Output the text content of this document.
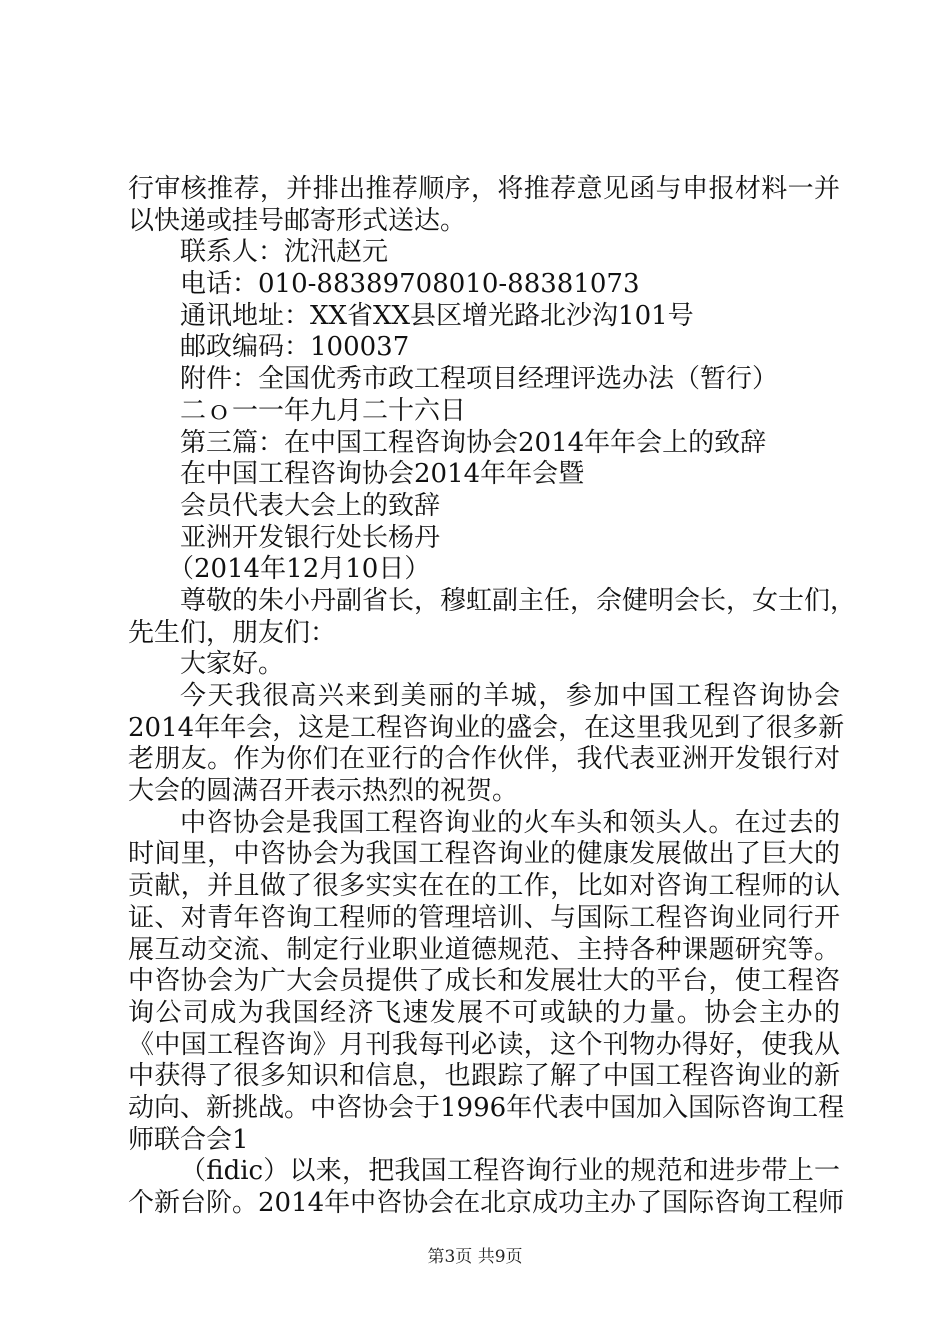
行审核推荐，并排出推荐顺序，将推荐意见函与申报材料一并
以快递或挂号邮寄形式送达。
联系人：沈汛赵元
电话：010-88389708010-88381073
通讯地址：XX省XX县区增光路北沙沟101号
邮政编码：100037
附件：全国优秀市政工程项目经理评选办法（暂行）
二ｏ一一年九月二十六日
第三篇：在中国工程咨询协会2014年年会上的致辞
在中国工程咨询协会2014年年会暨
会员代表大会上的致辞
亚洲开发银行处长杨丹
（2014年12月10日）
尊敬的朱小丹副省长，穆虹副主任，佘健明会长，女士们，
先生们，朋友们：
大家好。
今天我很高兴来到美丽的羊城，参加中国工程咨询协会
2014年年会，这是工程咨询业的盛会，在这里我见到了很多新
老朋友。作为你们在亚行的合作伙伴，我代表亚洲开发银行对
大会的圆满召开表示热烈的祝贺。
中咨协会是我国工程咨询业的火车头和领头人。在过去的
时间里，中咨协会为我国工程咨询业的健康发展做出了巨大的
贡献，并且做了很多实实在在的工作，比如对咨询工程师的认
证、对青年咨询工程师的管理培训、与国际工程咨询业同行开
展互动交流、制定行业职业道德规范、主持各种课题研究等。
中咨协会为广大会员提供了成长和发展壮大的平台，使工程咨
询公司成为我国经济飞速发展不可或缺的力量。协会主办的
《中国工程咨询》月刊我每刊必读，这个刊物办得好，使我从
中获得了很多知识和信息，也跟踪了解了中国工程咨询业的新
动向、新挑战。中咨协会于1996年代表中国加入国际咨询工程
师联合会1
（fidic）以来，把我国工程咨询行业的规范和进步带上一
个新台阶。2014年中咨协会在北京成功主办了国际咨询工程师
第3页 共9页
